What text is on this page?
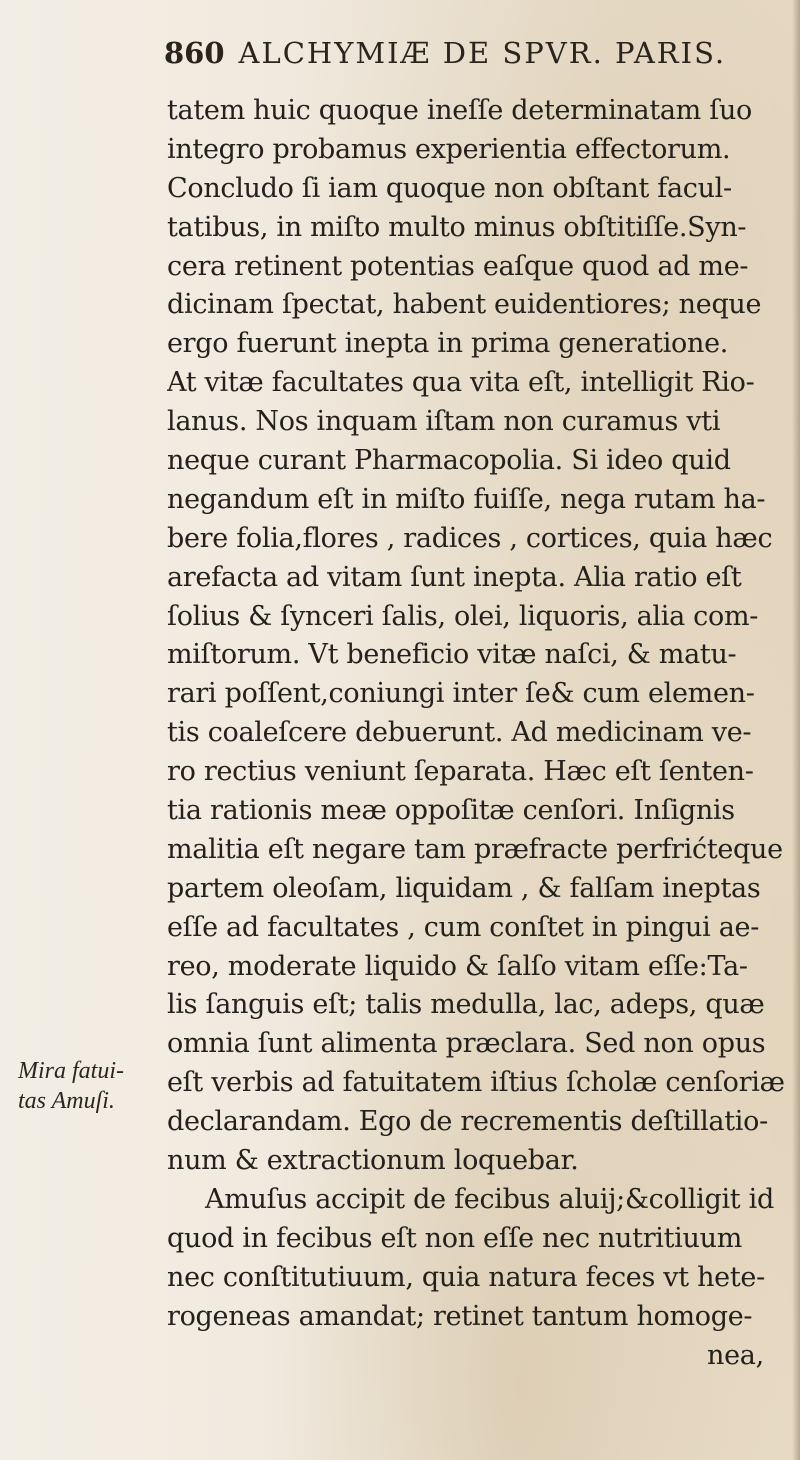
860 ALCHYMIÆ DE SPVR. PARIS.
tatem huic quoque ineſſe determinatam ſuo
integro probamus experientia effectorum.
Concludo ſi iam quoque non obſtant facul-
tatibus, in miſto multo minus obſtitiſſe.Syn-
cera retinent potentias eaſque quod ad me-
dicinam ſpectat, habent euidentiores; neque
ergo fuerunt inepta in prima generatione.
At vitæ facultates qua vita eſt, intelligit Rio-
lanus. Nos inquam iſtam non curamus vti
neque curant Pharmacopolia. Si ideo quid
negandum eſt in miſto fuiſſe, nega rutam ha-
bere folia,flores , radices , cortices, quia hæc
arefacta ad vitam ſunt inepta. Alia ratio eſt
ſolius & ſynceri ſalis, olei, liquoris, alia com-
miſtorum. Vt beneficio vitæ naſci, & matu-
rari poſſent,coniungi inter ſe& cum elemen-
tis coaleſcere debuerunt. Ad medicinam ve-
ro rectius veniunt ſeparata. Hæc eſt ſenten-
tia rationis meæ oppoſitæ cenſori. Inſignis
malitia eſt negare tam præfracte perfrićteque
partem oleoſam, liquidam , & falſam ineptas
eſſe ad facultates , cum conſtet in pingui ae-
reo, moderate liquido & ſalſo vitam eſſe:Ta-
lis ſanguis eſt; talis medulla, lac, adeps, quæ
omnia ſunt alimenta præclara. Sed non opus
eſt verbis ad fatuitatem iſtius ſcholæ cenſoriæ
declarandam. Ego de recrementis deſtillatio-
num & extractionum loquebar.
Amuſus accipit de fecibus aluij;&colligit id
quod in fecibus eſt non eſſe nec nutritiuum
nec conſtitutiuum, quia natura feces vt hete-
rogeneas amandat; retinet tantum homoge-
nea,
Mira fatui-
tas Amuſi.
